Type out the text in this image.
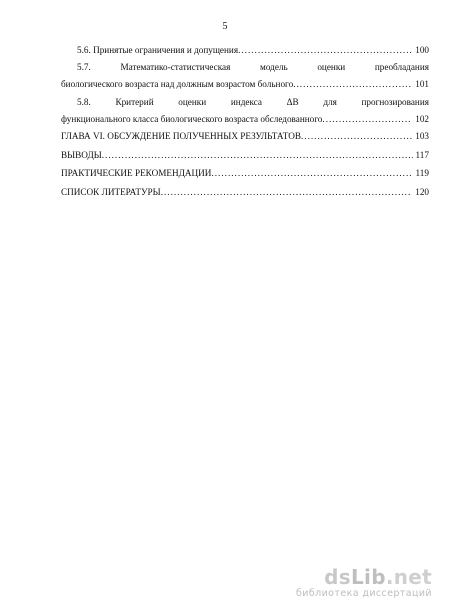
5
5.6. Принятые ограничения и допущения .....	100
5.7.	Математико-статистическая	модель	оценки	преобладания
биологического возраста над должным возрастом больного .....	101
5.8.	Критерий	оценки	индекса	ΔВ	для	прогнозирования
функционального класса биологического возраста обследованного .....	102
ГЛАВА VI. ОБСУЖДЕНИЕ ПОЛУЧЕННЫХ РЕЗУЛЬТАТОВ .....	103
ВЫВОДЫ .....	117
ПРАКТИЧЕСКИЕ РЕКОМЕНДАЦИИ .....	119
СПИСОК ЛИТЕРАТУРЫ .....	120
dsLib.net
библиотека диссертаций
